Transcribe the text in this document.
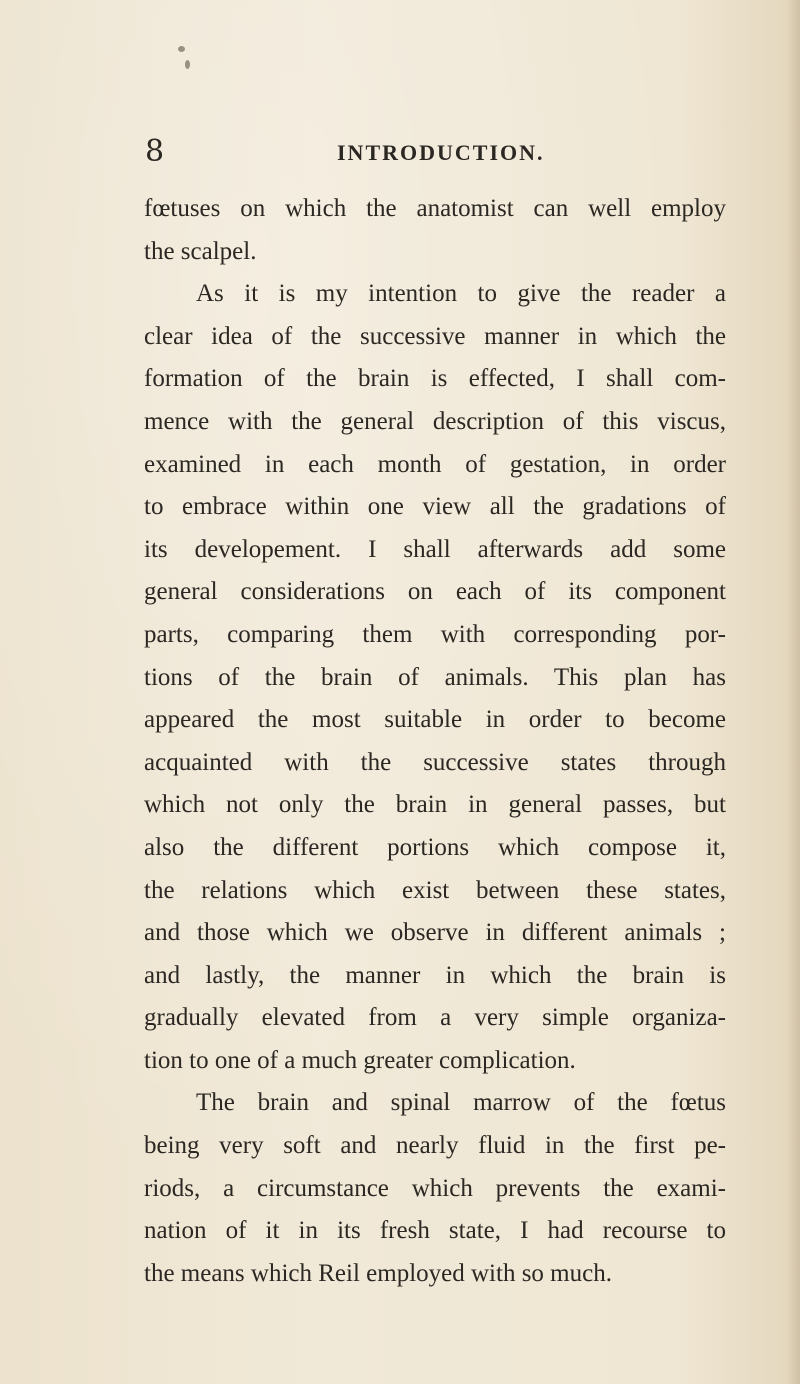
8	INTRODUCTION.
fœtuses on which the anatomist can well employ
the scalpel.
As it is my intention to give the reader a
clear idea of the successive manner in which the
formation of the brain is effected, I shall com-
mence with the general description of this viscus,
examined in each month of gestation, in order
to embrace within one view all the gradations of
its developement. I shall afterwards add some
general considerations on each of its component
parts, comparing them with corresponding por-
tions of the brain of animals. This plan has
appeared the most suitable in order to become
acquainted with the successive states through
which not only the brain in general passes, but
also the different portions which compose it,
the relations which exist between these states,
and those which we observe in different animals ;
and lastly, the manner in which the brain is
gradually elevated from a very simple organiza-
tion to one of a much greater complication.
The brain and spinal marrow of the fœtus
being very soft and nearly fluid in the first pe-
riods, a circumstance which prevents the exami-
nation of it in its fresh state, I had recourse to
the means which Reil employed with so much.
